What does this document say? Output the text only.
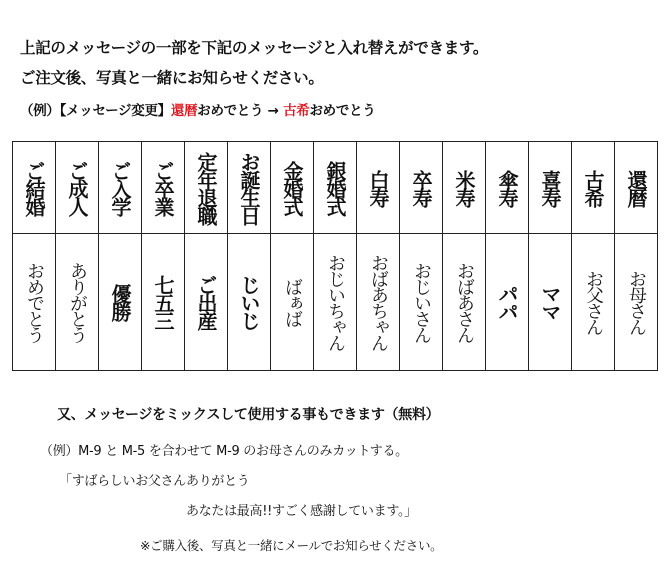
上記のメッセージの一部を下記のメッセージと入れ替えができます。
ご注文後、写真と一緒にお知らせください。
（例）【メッセージ変更】還暦おめでとう → 古希おめでとう
ご結婚 ご成人 ご入学 ご卒業 定年退職 お誕生日 金婚式 銀婚式 白寿 卒寿 米寿 傘寿 喜寿 古希 還暦
おめでとう ありがとう 優勝 七五三 ご出産 じいじ ばぁば おじいちゃん おばあちゃん おじいさん おばあさん パパ ママ お父さん お母さん
又、メッセージをミックスして使用する事もできます（無料）
（例）M-9 と M-5 を合わせて M-9 のお母さんのみカットする。
「すばらしいお父さんありがとう
あなたは最高!!すごく感謝しています。」
※ご購入後、写真と一緒にメールでお知らせください。
